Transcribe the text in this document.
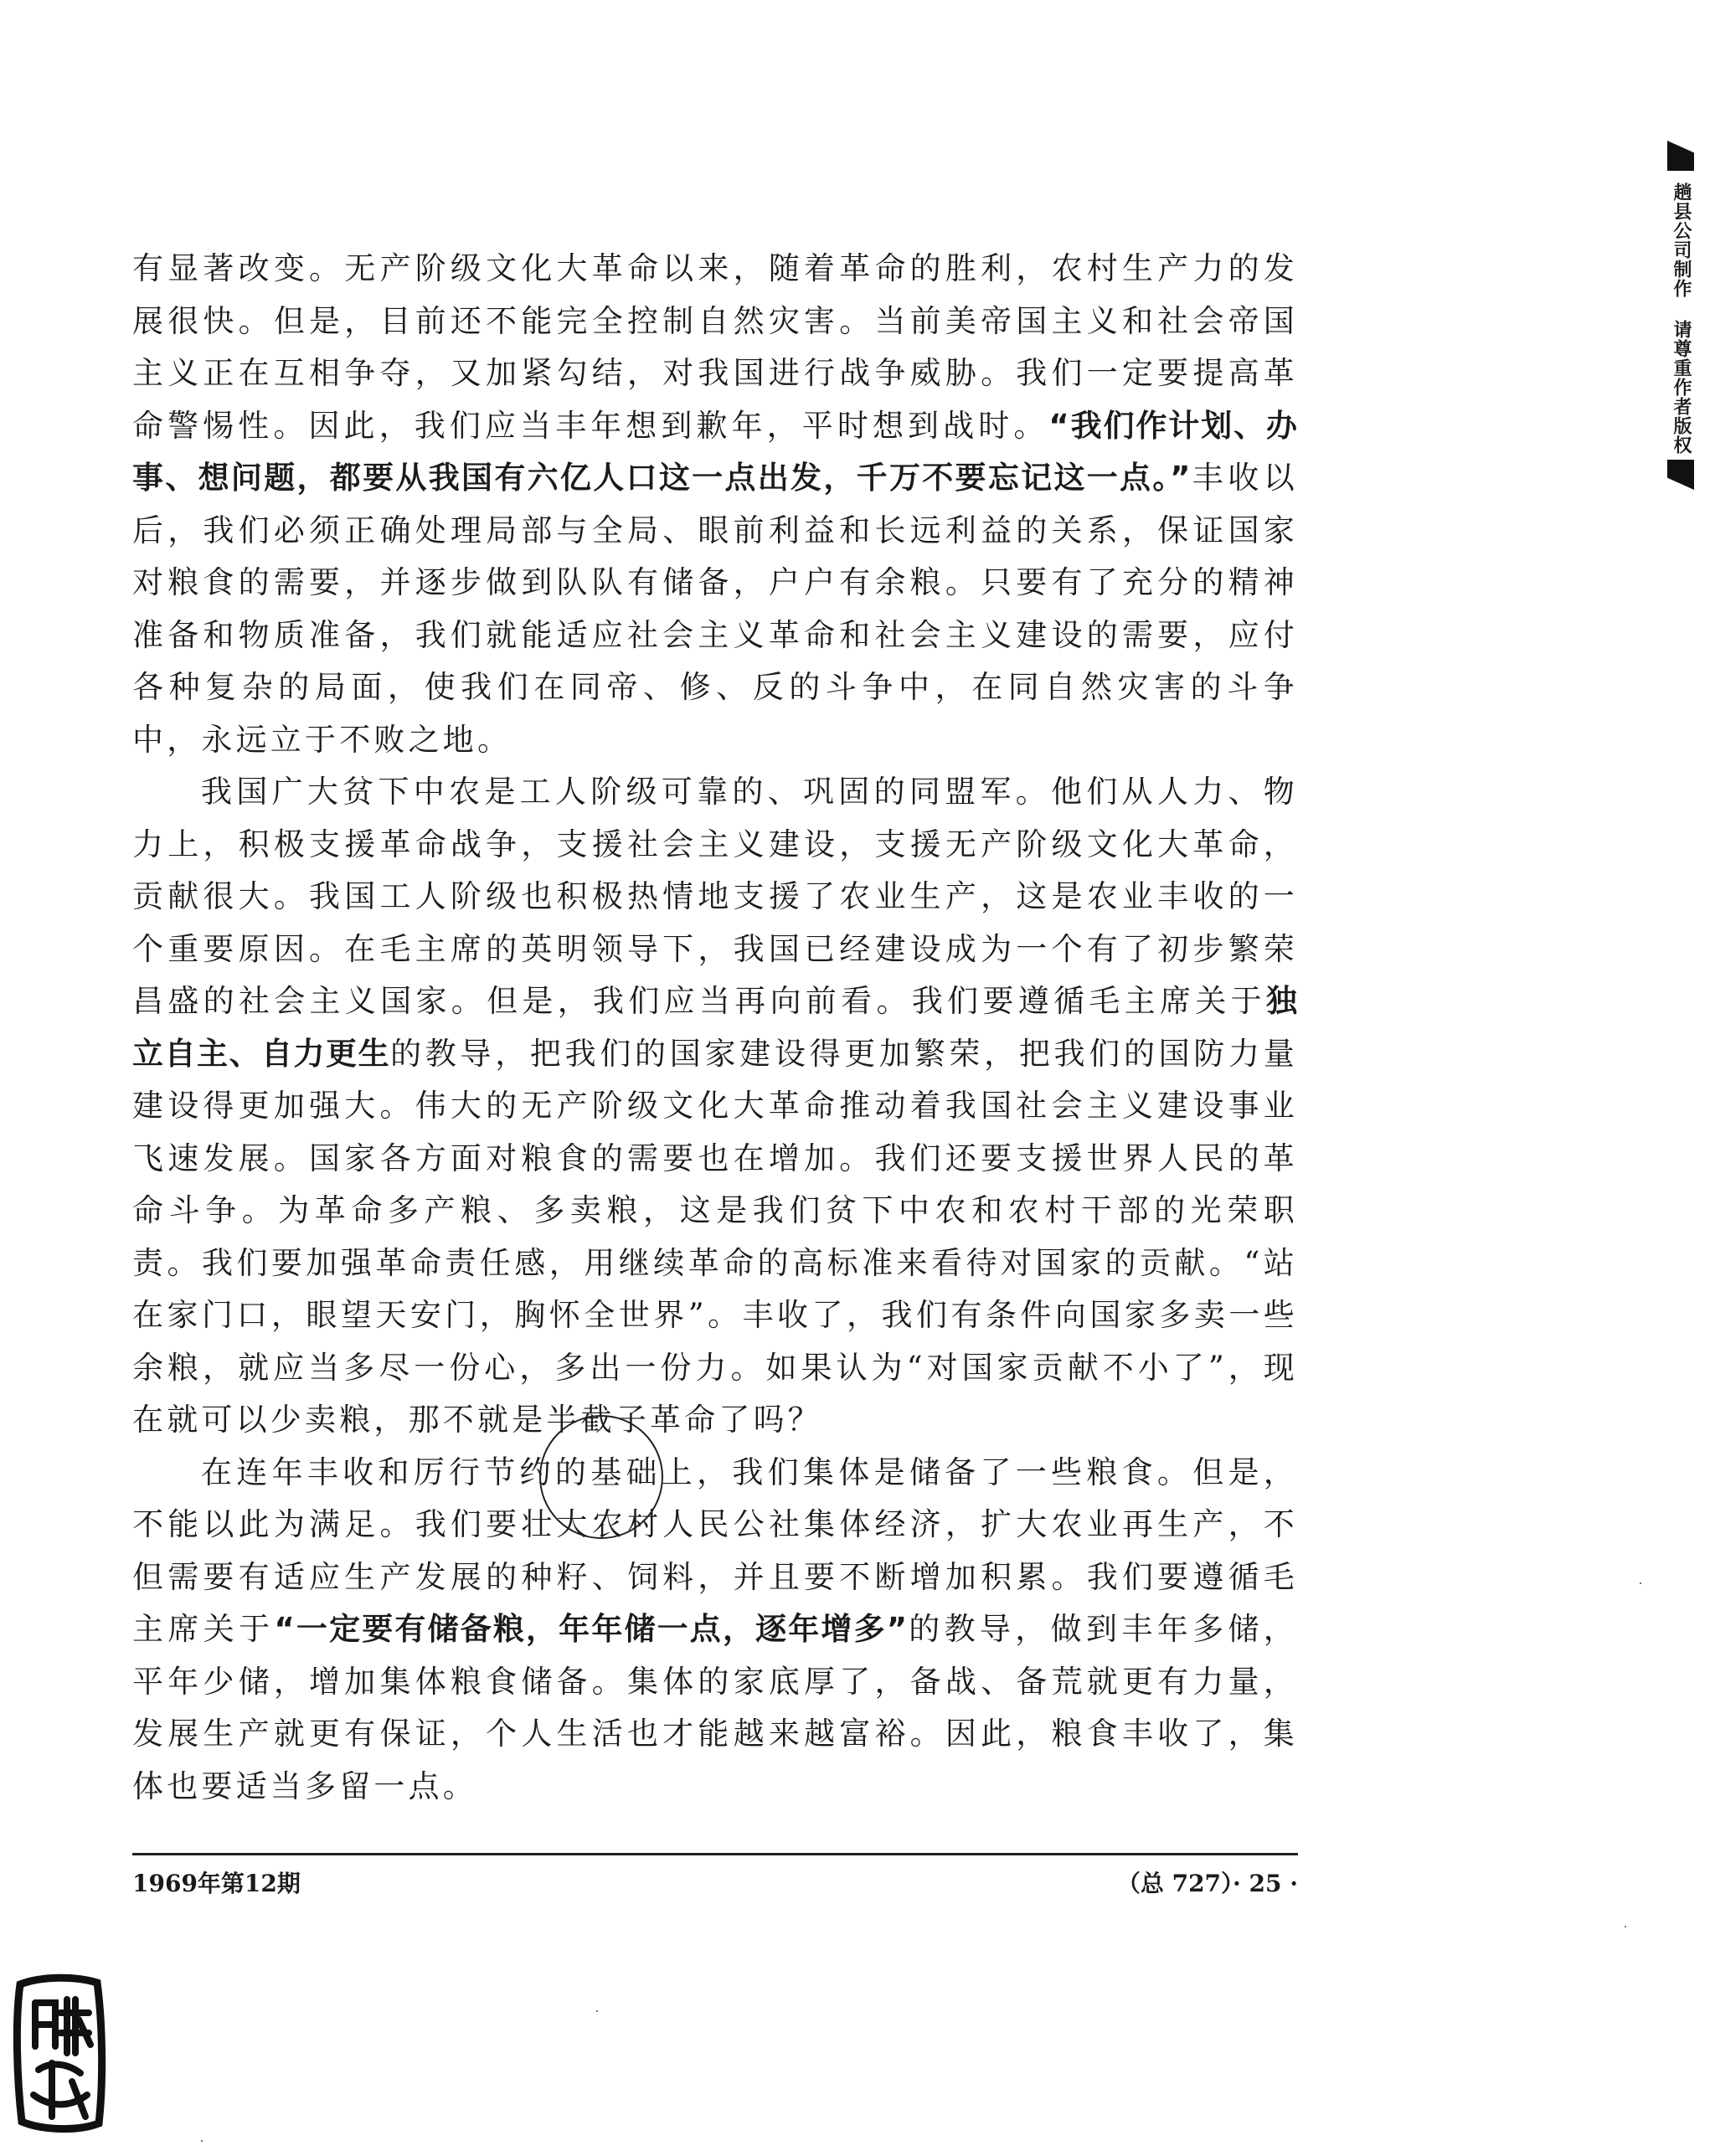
趟县公司制作 请尊重作者版权

有显著改变。无产阶级文化大革命以来，随着革命的胜利，农村生产力的发展很快。但是，目前还不能完全控制自然灾害。当前美帝国主义和社会帝国主义正在互相争夺，又加紧勾结，对我国进行战争威胁。我们一定要提高革命警惕性。因此，我们应当丰年想到歉年，平时想到战时。“我们作计划、办事、想问题，都要从我国有六亿人口这一点出发，千万不要忘记这一点。”丰收以后，我们必须正确处理局部与全局、眼前利益和长远利益的关系，保证国家对粮食的需要，并逐步做到队队有储备，户户有余粮。只要有了充分的精神准备和物质准备，我们就能适应社会主义革命和社会主义建设的需要，应付各种复杂的局面，使我们在同帝、修、反的斗争中，在同自然灾害的斗争中，永远立于不败之地。

我国广大贫下中农是工人阶级可靠的、巩固的同盟军。他们从人力、物力上，积极支援革命战争，支援社会主义建设，支援无产阶级文化大革命，贡献很大。我国工人阶级也积极热情地支援了农业生产，这是农业丰收的一个重要原因。在毛主席的英明领导下，我国已经建设成为一个有了初步繁荣昌盛的社会主义国家。但是，我们应当再向前看。我们要遵循毛主席关于独立自主、自力更生的教导，把我们的国家建设得更加繁荣，把我们的国防力量建设得更加强大。伟大的无产阶级文化大革命推动着我国社会主义建设事业飞速发展。国家各方面对粮食的需要也在增加。我们还要支援世界人民的革命斗争。为革命多产粮、多卖粮，这是我们贫下中农和农村干部的光荣职责。我们要加强革命责任感，用继续革命的高标准来看待对国家的贡献。“站在家门口，眼望天安门，胸怀全世界”。丰收了，我们有条件向国家多卖一些余粮，就应当多尽一份心，多出一份力。如果认为“对国家贡献不小了”，现在就可以少卖粮，那不就是半截子革命了吗？

在连年丰收和厉行节约的基础上，我们集体是储备了一些粮食。但是，不能以此为满足。我们要壮大农村人民公社集体经济，扩大农业再生产，不但需要有适应生产发展的种籽、饲料，并且要不断增加积累。我们要遵循毛主席关于“一定要有储备粮，年年储一点，逐年增多”的教导，做到丰年多储，平年少储，增加集体粮食储备。集体的家底厚了，备战、备荒就更有力量，发展生产就更有保证，个人生活也才能越来越富裕。因此，粮食丰收了，集体也要适当多留一点。

1969年第12期	（总 727）· 25 ·
